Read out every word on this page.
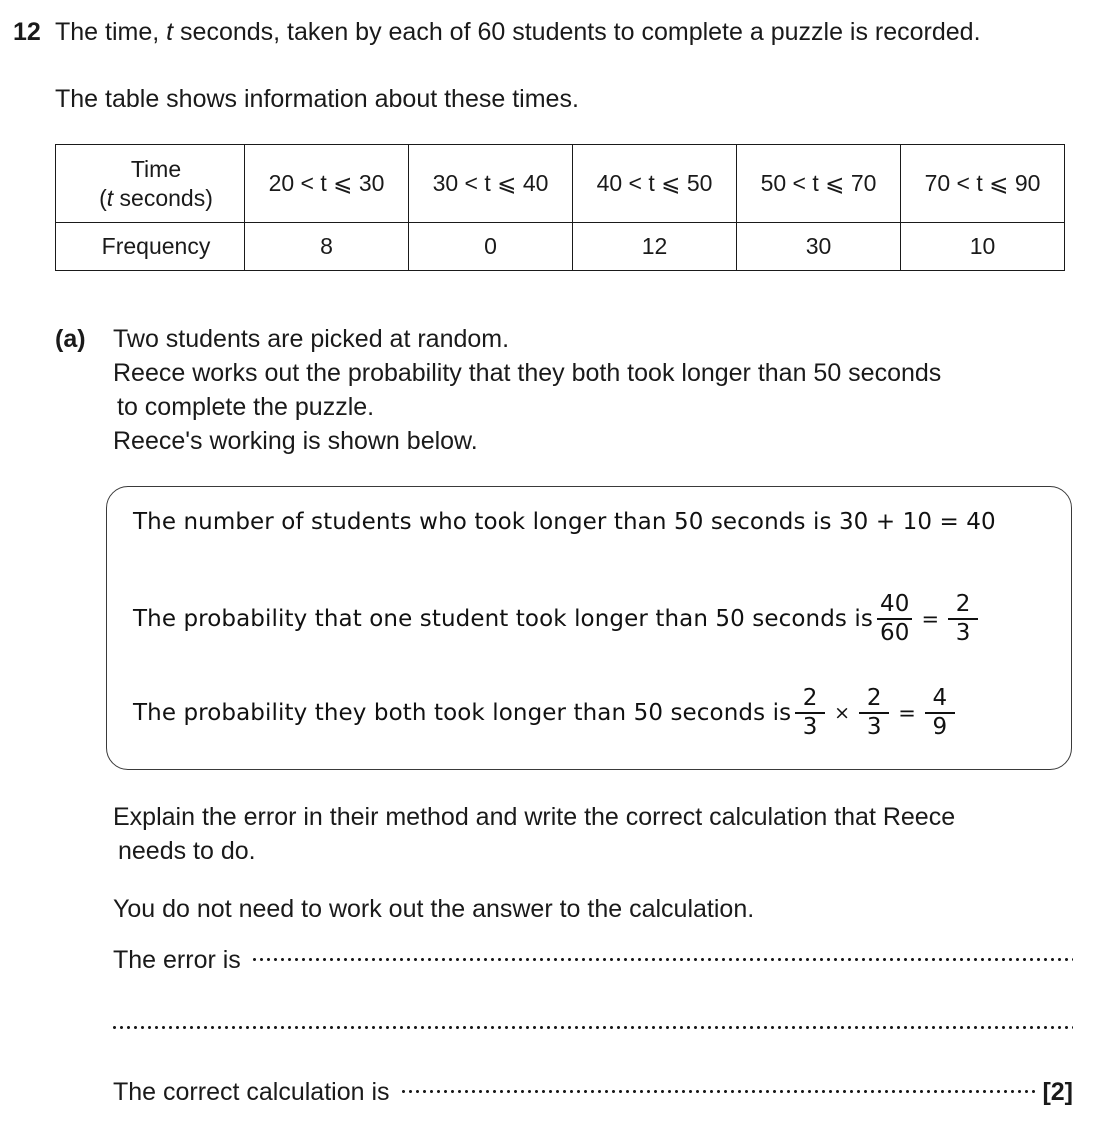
12 The time, t seconds, taken by each of 60 students to complete a puzzle is recorded.
The table shows information about these times.
Time
(t seconds)	20 < t ⩽ 30	30 < t ⩽ 40	40 < t ⩽ 50	50 < t ⩽ 70	70 < t ⩽ 90
Frequency	8	0	12	30	10
(a) Two students are picked at random.
Reece works out the probability that they both took longer than 50 seconds
to complete the puzzle.
Reece's working is shown below.
The number of students who took longer than 50 seconds is 30 + 10 = 40
The probability that one student took longer than 50 seconds is $\frac{40}{60} = \frac{2}{3}$
The probability they both took longer than 50 seconds is $\frac{2}{3} \times \frac{2}{3} = \frac{4}{9}$
Explain the error in their method and write the correct calculation that Reece
needs to do.
You do not need to work out the answer to the calculation.
The error is
The correct calculation is	[2]
